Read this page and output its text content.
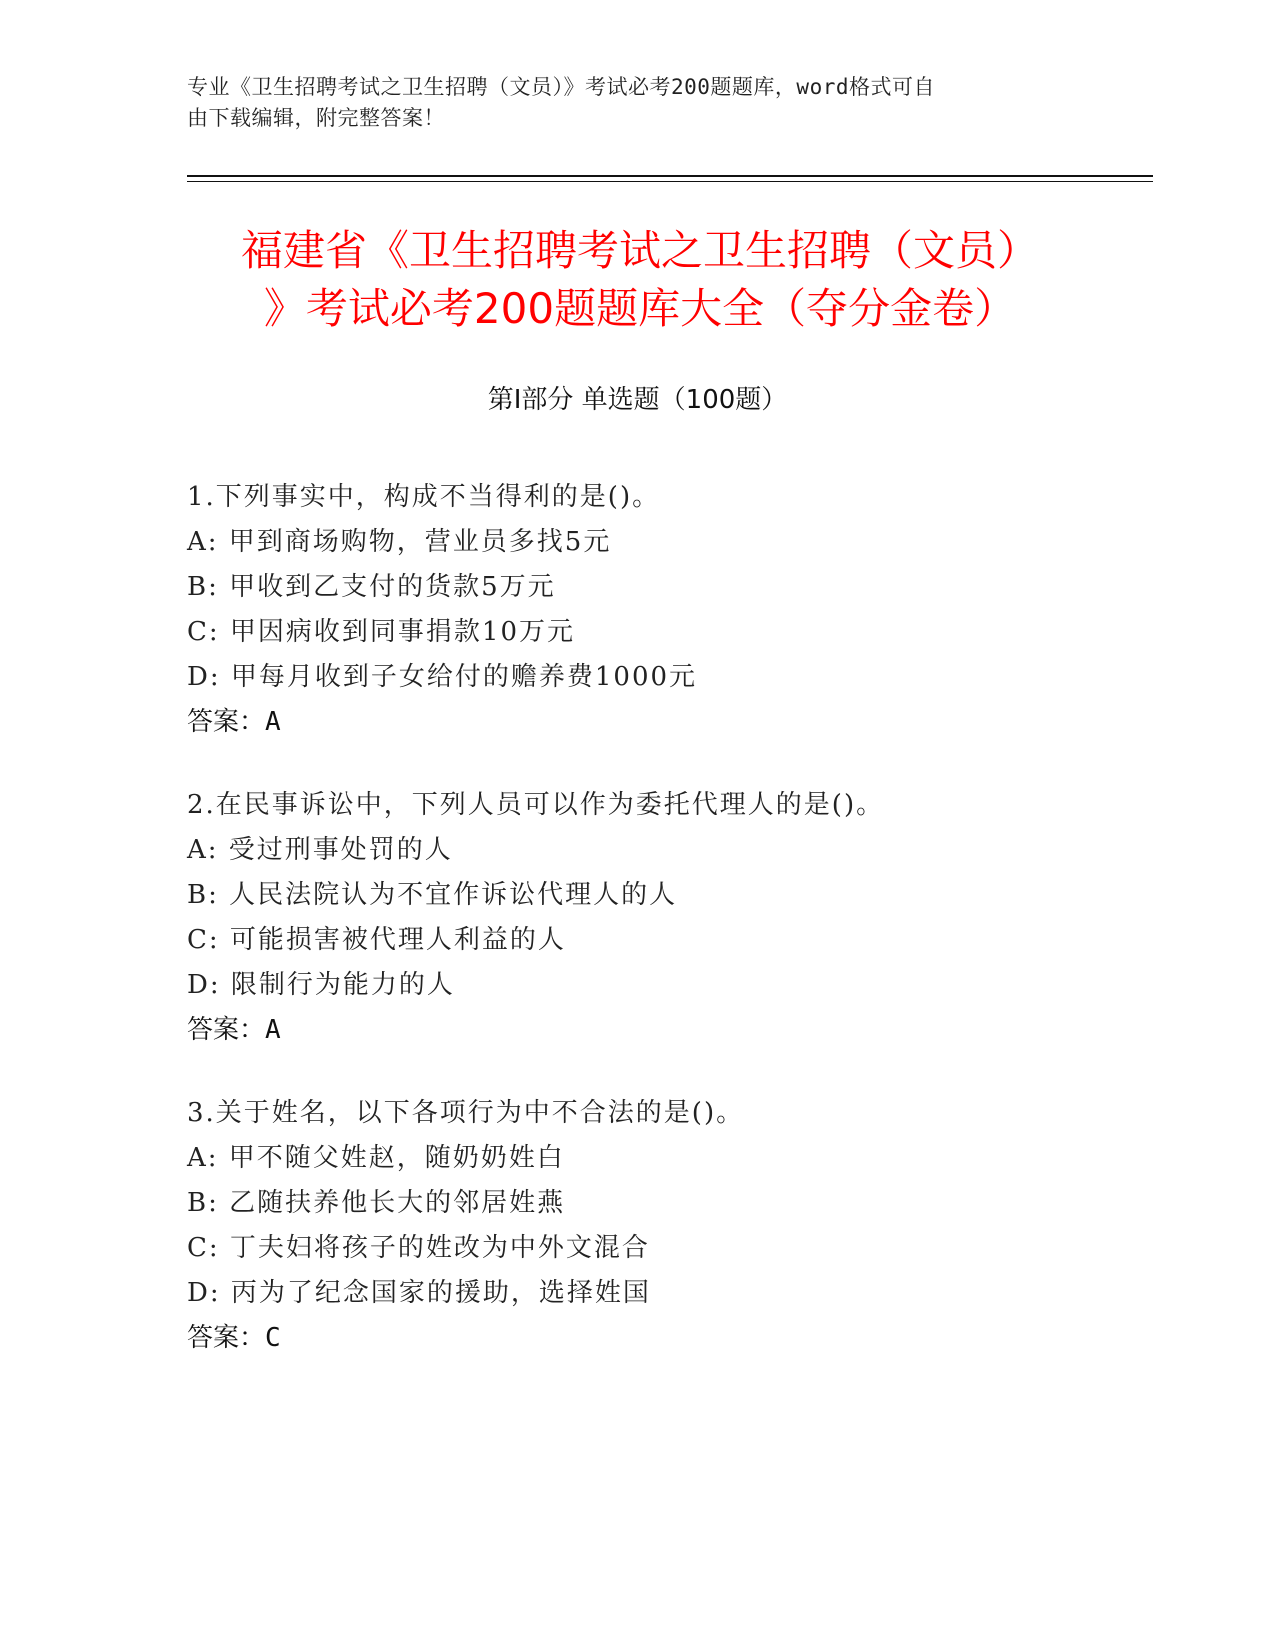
专业《卫生招聘考试之卫生招聘（文员）》考试必考200题题库，word格式可自
由下载编辑，附完整答案！
福建省《卫生招聘考试之卫生招聘（文员）
》考试必考200题题库大全（夺分金卷）
第I部分 单选题（100题）
1.下列事实中，构成不当得利的是()。
A: 甲到商场购物，营业员多找5元
B: 甲收到乙支付的货款5万元
C: 甲因病收到同事捐款10万元
D: 甲每月收到子女给付的赡养费1000元
答案：A
2.在民事诉讼中，下列人员可以作为委托代理人的是()。
A: 受过刑事处罚的人
B: 人民法院认为不宜作诉讼代理人的人
C: 可能损害被代理人利益的人
D: 限制行为能力的人
答案：A
3.关于姓名，以下各项行为中不合法的是()。
A: 甲不随父姓赵，随奶奶姓白
B: 乙随扶养他长大的邻居姓燕
C: 丁夫妇将孩子的姓改为中外文混合
D: 丙为了纪念国家的援助，选择姓国
答案：C
